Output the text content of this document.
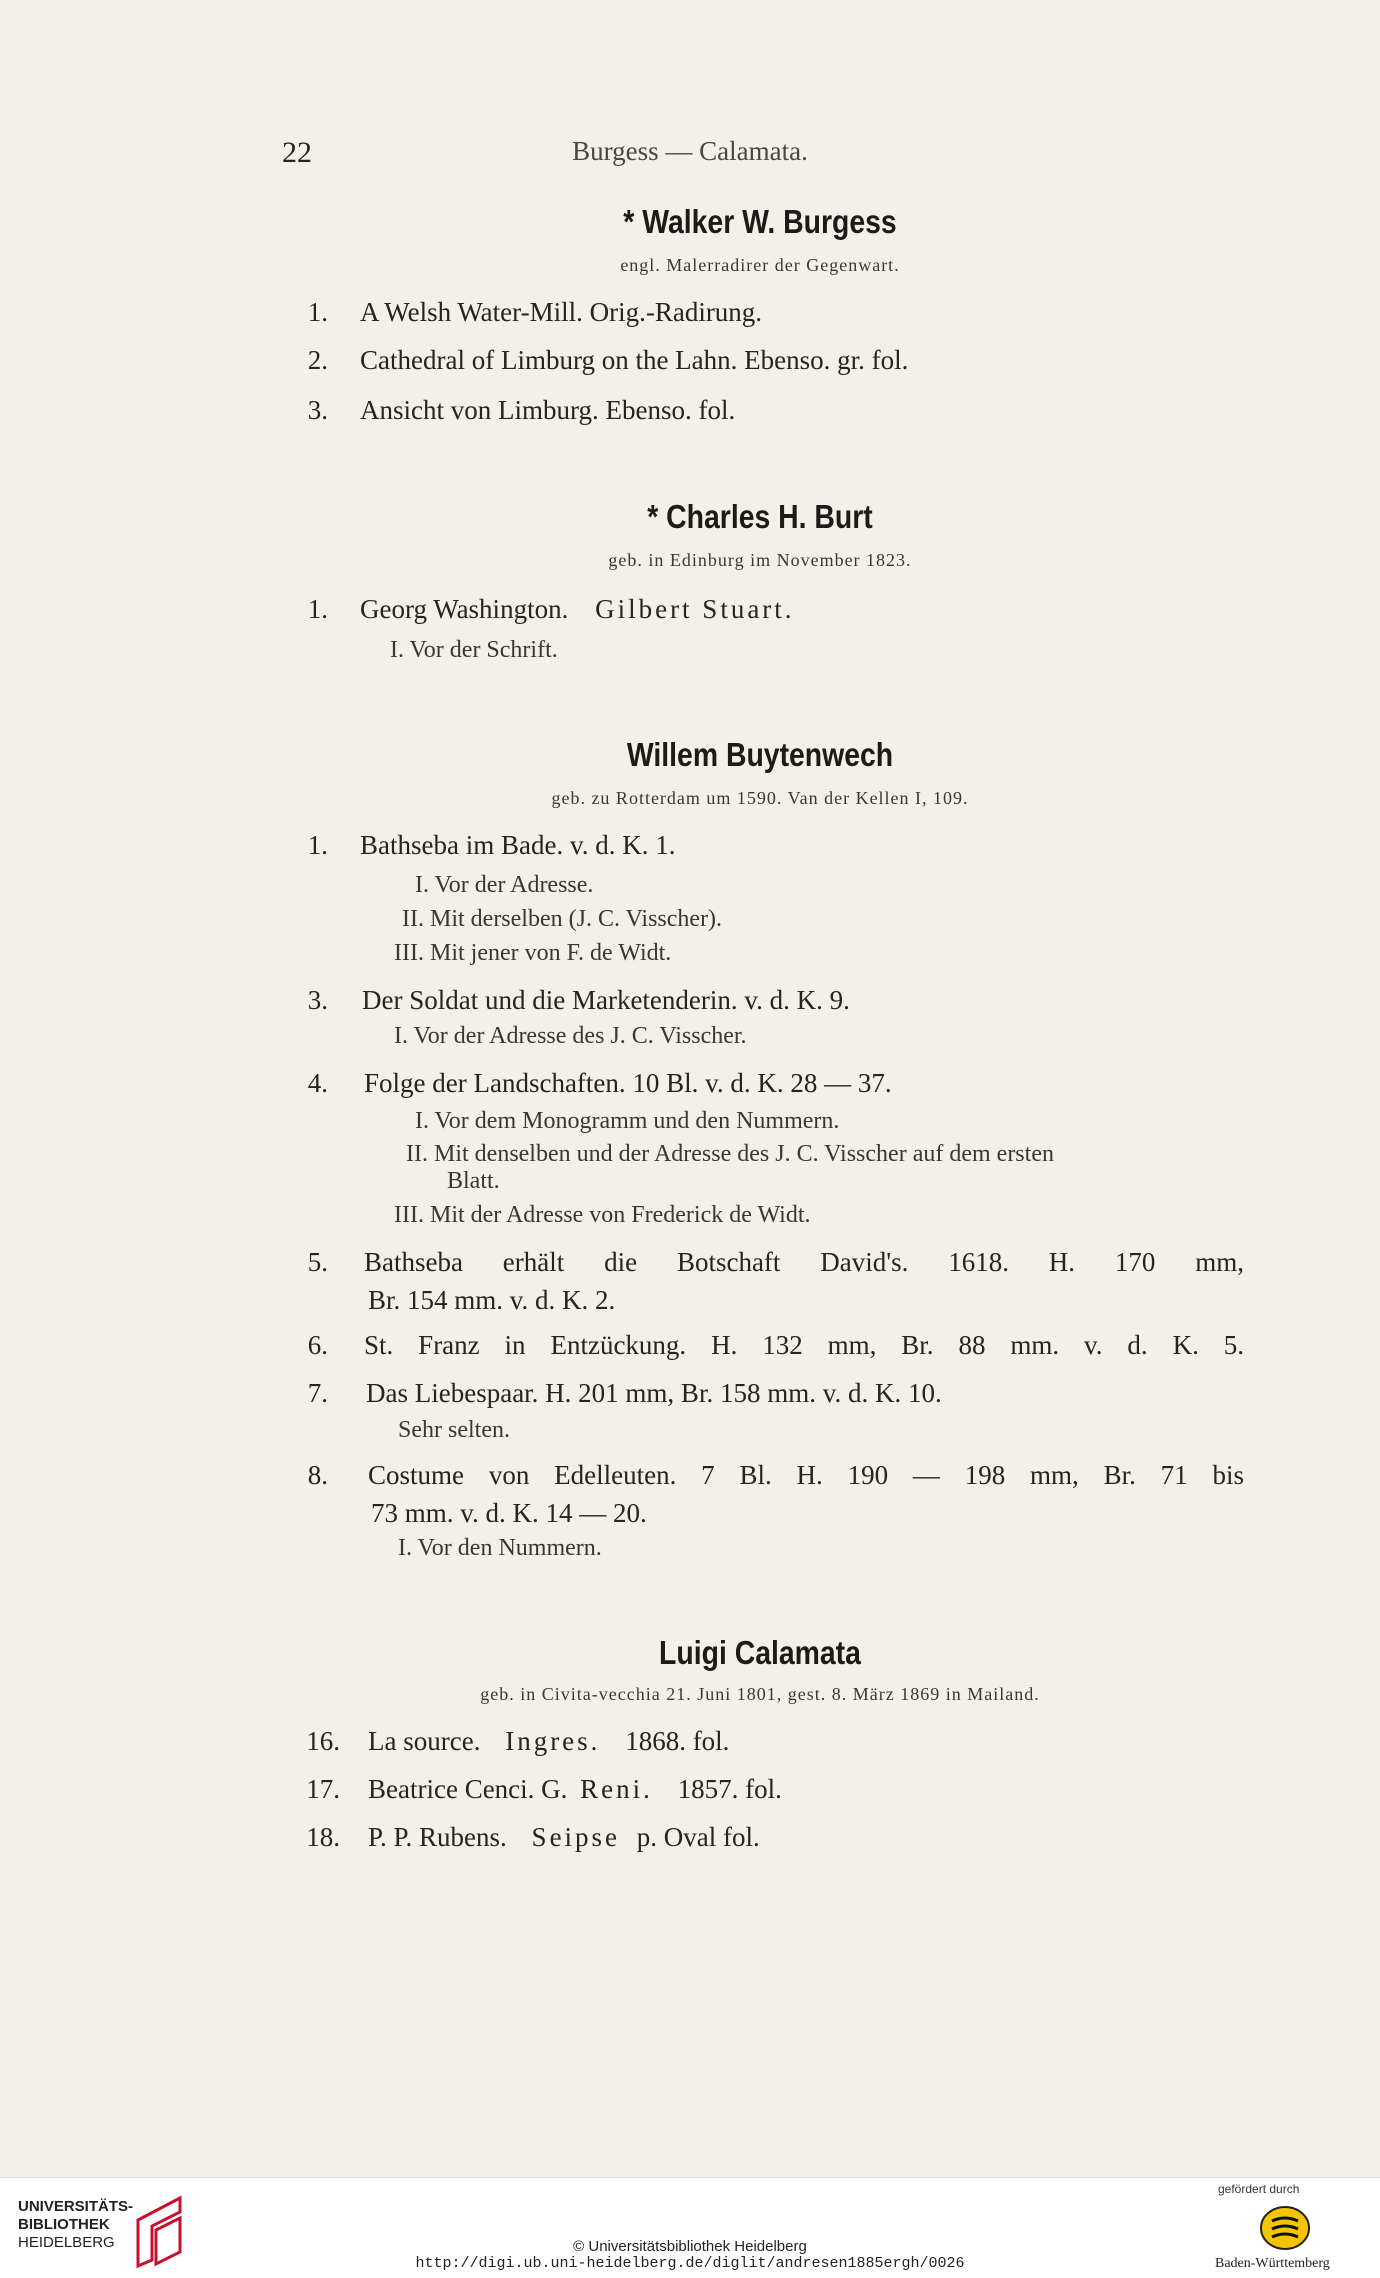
22	Burgess — Calamata.
* Walker W. Burgess
engl. Malerradirer der Gegenwart.
1. A Welsh Water-Mill. Orig.-Radirung.
2. Cathedral of Limburg on the Lahn. Ebenso. gr. fol.
3. Ansicht von Limburg. Ebenso. fol.
* Charles H. Burt
geb. in Edinburg im November 1823.
1. Georg Washington. Gilbert Stuart.
I. Vor der Schrift.
Willem Buytenwech
geb. zu Rotterdam um 1590. Van der Kellen I, 109.
1. Bathseba im Bade. v. d. K. 1.
I. Vor der Adresse.
II. Mit derselben (J. C. Visscher).
III. Mit jener von F. de Widt.
3. Der Soldat und die Marketenderin. v. d. K. 9.
I. Vor der Adresse des J. C. Visscher.
4. Folge der Landschaften. 10 Bl. v. d. K. 28 — 37.
I. Vor dem Monogramm und den Nummern.
II. Mit denselben und der Adresse des J. C. Visscher auf dem ersten
Blatt.
III. Mit der Adresse von Frederick de Widt.
5. Bathseba erhält die Botschaft David's. 1618. H. 170 mm,
Br. 154 mm. v. d. K. 2.
6. St. Franz in Entzückung. H. 132 mm, Br. 88 mm. v. d. K. 5.
7. Das Liebespaar. H. 201 mm, Br. 158 mm. v. d. K. 10.
Sehr selten.
8. Costume von Edelleuten. 7 Bl. H. 190 — 198 mm, Br. 71 bis
73 mm. v. d. K. 14 — 20.
I. Vor den Nummern.
Luigi Calamata
geb. in Civita-vecchia 21. Juni 1801, gest. 8. März 1869 in Mailand.
16. La source. Ingres. 1868. fol.
17. Beatrice Cenci. G. Reni. 1857. fol.
18. P. P. Rubens. Seipse p. Oval fol.
UNIVERSITÄTS-
BIBLIOTHEK
HEIDELBERG	© Universitätsbibliothek Heidelberg
http://digi.ub.uni-heidelberg.de/diglit/andresen1885ergh/0026
gefördert durch
Baden-Württemberg
